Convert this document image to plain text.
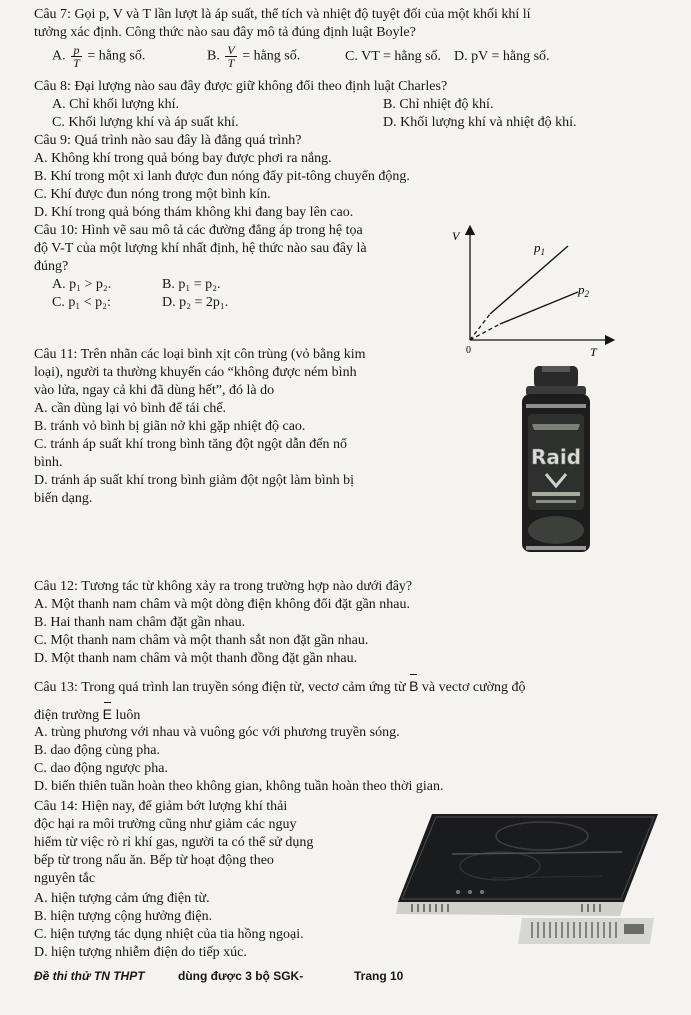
Câu 7: Gọi p, V và T lần lượt là áp suất, thể tích và nhiệt độ tuyệt đối của một khối khí lí
tưởng xác định. Công thức nào sau đây mô tả đúng định luật Boyle?
A. $\frac{p}{T}$ = hằng số.	B. $\frac{V}{T}$ = hằng số.	C. VT = hằng số. D. pV = hằng số.
Câu 8: Đại lượng nào sau đây được giữ không đổi theo định luật Charles?
A. Chỉ khối lượng khí.	B. Chỉ nhiệt độ khí.
C. Khối lượng khí và áp suất khí.	D. Khối lượng khí và nhiệt độ khí.
Câu 9: Quá trình nào sau đây là đẳng quá trình?
A. Không khí trong quả bóng bay được phơi ra nắng.
B. Khí trong một xi lanh được đun nóng đẩy pit-tông chuyển động.
C. Khí được đun nóng trong một bình kín.
D. Khí trong quả bóng thám không khi đang bay lên cao.
Câu 10: Hình vẽ sau mô tả các đường đẳng áp trong hệ tọa
độ V-T của một lượng khí nhất định, hệ thức nào sau đây là
đúng?
A. p₁ > p₂.	B. p₁ = p₂.
C. p₁ < p₂:	D. p₂ = 2p₁.
V
T
0
$p_1$
$p_2$
Câu 11: Trên nhãn các loại bình xịt côn trùng (vỏ bằng kim
loại), người ta thường khuyến cáo “không được ném bình
vào lửa, ngay cả khi đã dùng hết”, đó là do
A. cần dùng lại vỏ bình để tái chế.
B. tránh vỏ bình bị giãn nở khi gặp nhiệt độ cao.
C. tránh áp suất khí trong bình tăng đột ngột dẫn đến nổ
bình.
D. tránh áp suất khí trong bình giảm đột ngột làm bình bị
biến dạng.
Raid
Câu 12: Tương tác từ không xảy ra trong trường hợp nào dưới đây?
A. Một thanh nam châm và một dòng điện không đổi đặt gần nhau.
B. Hai thanh nam châm đặt gần nhau.
C. Một thanh nam châm và một thanh sắt non đặt gần nhau.
D. Một thanh nam châm và một thanh đồng đặt gần nhau.
Câu 13: Trong quá trình lan truyền sóng điện từ, vectơ cảm ứng từ B và vectơ cường độ
điện trường E luôn
A. trùng phương với nhau và vuông góc với phương truyền sóng.
B. dao động cùng pha.
C. dao động ngược pha.
D. biến thiên tuần hoàn theo không gian, không tuần hoàn theo thời gian.
Câu 14: Hiện nay, để giảm bớt lượng khí thải
độc hại ra môi trường cũng như giảm các nguy
hiểm từ việc rò rỉ khí gas, người ta có thể sử dụng
bếp từ trong nấu ăn. Bếp từ hoạt động theo
nguyên tắc
A. hiện tượng cảm ứng điện từ.
B. hiện tượng cộng hưởng điện.
C. hiện tượng tác dụng nhiệt của tia hồng ngoại.
D. hiện tượng nhiễm điện do tiếp xúc.
Đề thi thử TN THPT	dùng được 3 bộ SGK-	Trang 10
